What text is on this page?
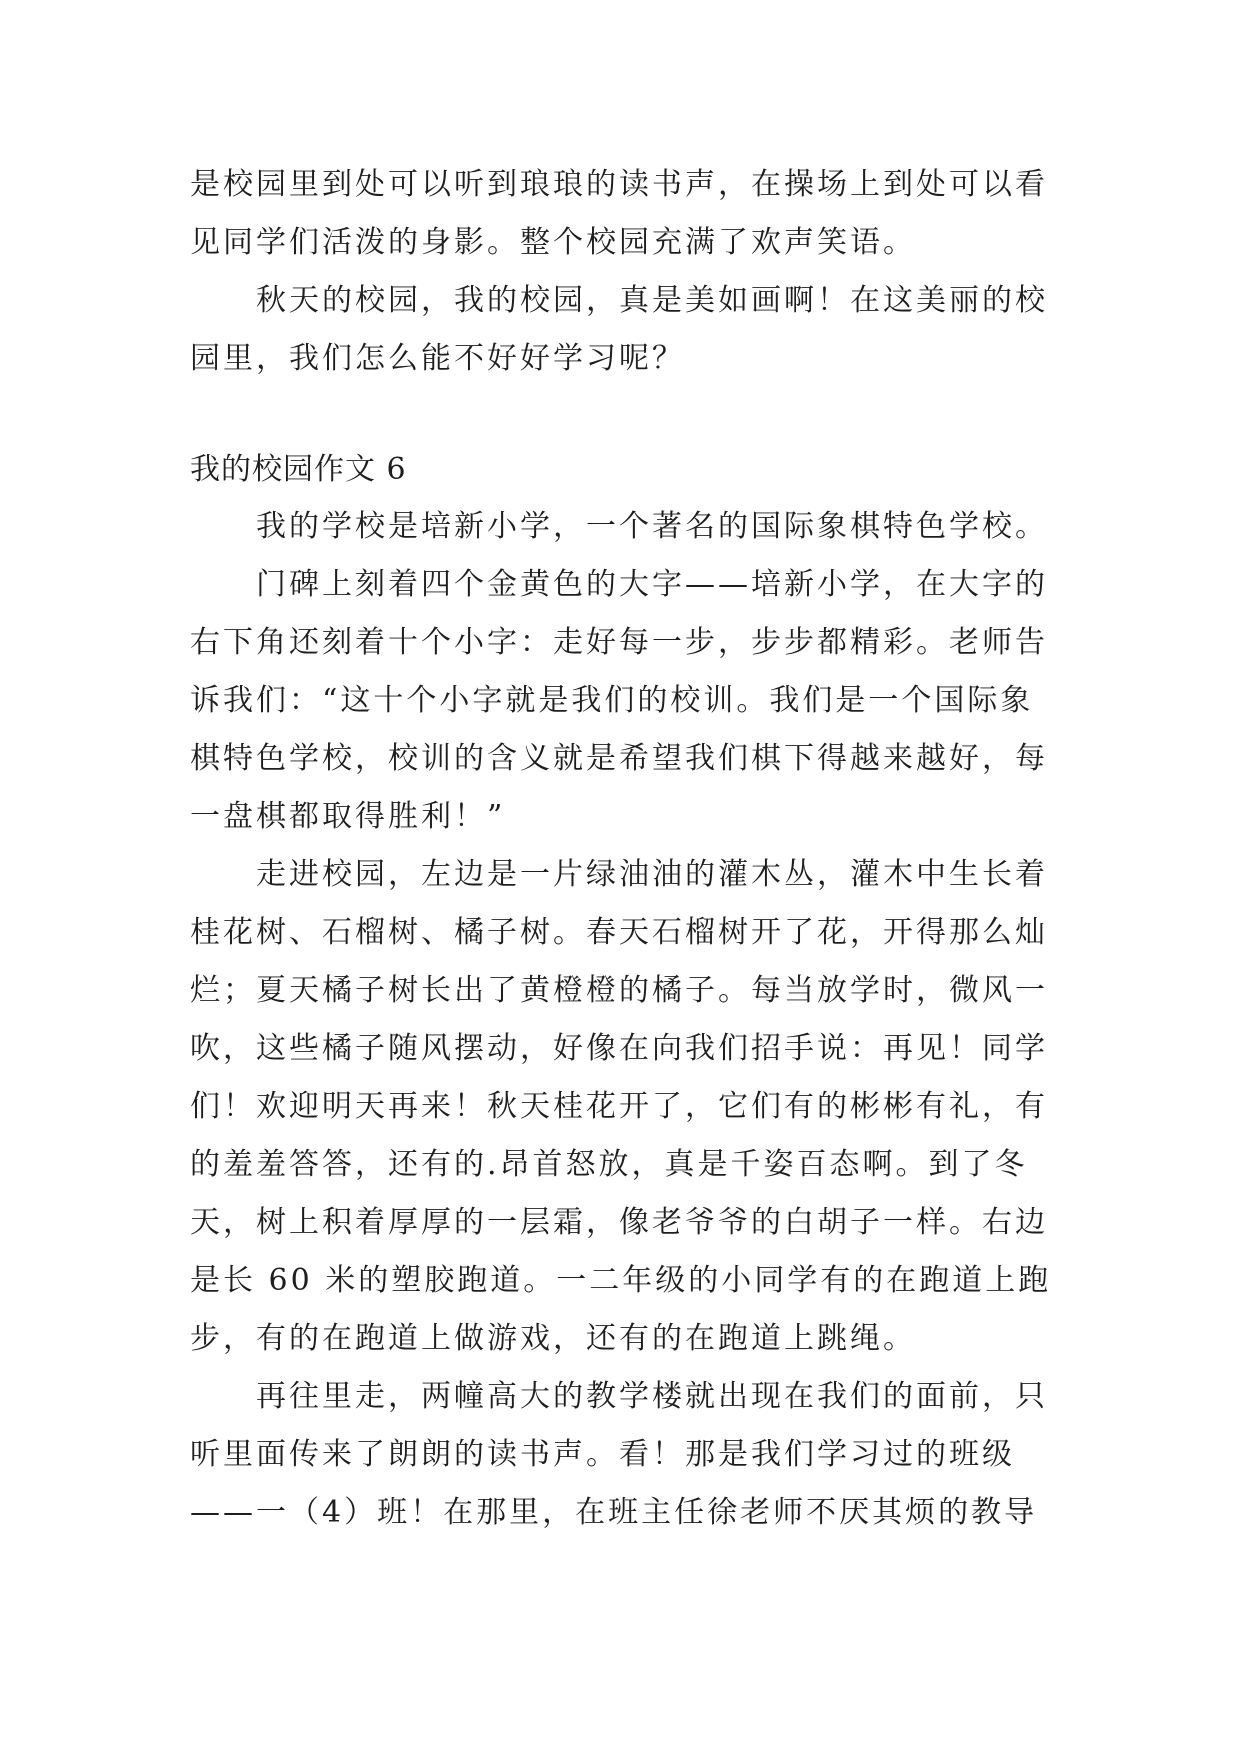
是校园里到处可以听到琅琅的读书声，在操场上到处可以看
见同学们活泼的身影。整个校园充满了欢声笑语。
秋天的校园，我的校园，真是美如画啊！在这美丽的校
园里，我们怎么能不好好学习呢？
我的校园作文 6
我的学校是培新小学，一个著名的国际象棋特色学校。
门碑上刻着四个金黄色的大字——培新小学，在大字的
右下角还刻着十个小字：走好每一步，步步都精彩。老师告
诉我们：“这十个小字就是我们的校训。我们是一个国际象
棋特色学校，校训的含义就是希望我们棋下得越来越好，每
一盘棋都取得胜利！”
走进校园，左边是一片绿油油的灌木丛，灌木中生长着
桂花树、石榴树、橘子树。春天石榴树开了花，开得那么灿
烂；夏天橘子树长出了黄橙橙的橘子。每当放学时，微风一
吹，这些橘子随风摆动，好像在向我们招手说：再见！同学
们！欢迎明天再来！秋天桂花开了，它们有的彬彬有礼，有
的羞羞答答，还有的.昂首怒放，真是千姿百态啊。到了冬
天，树上积着厚厚的一层霜，像老爷爷的白胡子一样。右边
是长 60 米的塑胶跑道。一二年级的小同学有的在跑道上跑
步，有的在跑道上做游戏，还有的在跑道上跳绳。
再往里走，两幢高大的教学楼就出现在我们的面前，只
听里面传来了朗朗的读书声。看！那是我们学习过的班级
——一（4）班！在那里，在班主任徐老师不厌其烦的教导
